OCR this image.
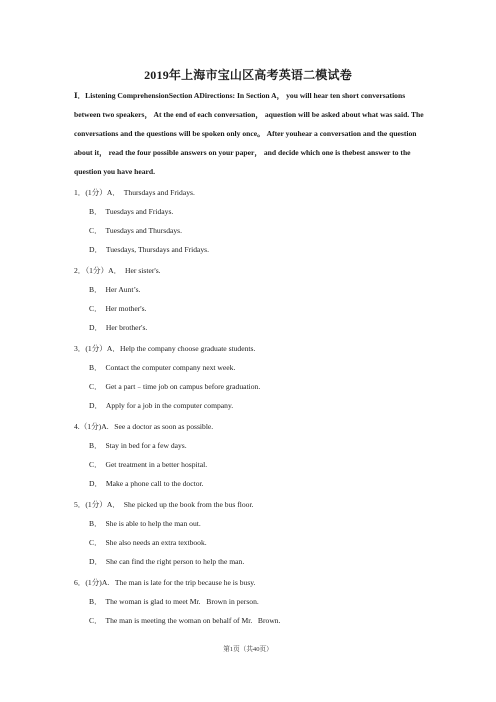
2019年上海市宝山区高考英语二模试卷
Ⅰ．Listening ComprehensionSection ADirections: In Section A， you will hear ten short conversations between two speakers， At the end of each conversation， aquestion will be asked about what was said. The conversations and the questions will be spoken only once。 After youhear a conversation and the question about it， read the four possible answers on your paper， and decide which one is thebest answer to the question you have heard.
1．(1分）A．  Thursdays and Fridays.
B．  Tuesdays and Fridays.
C．  Tuesdays and Thursdays.
D．  Tuesdays, Thursdays and Fridays.
2．（1分）A．  Her sister's.
B．  Her Aunt’s.
C．  Her mother's.
D．  Her brother's.
3．(1分）A．Help the company choose graduate students.
B．  Contact the computer company next week.
C．  Get a part﹣time job on campus before graduation.
D．  Apply for a job in the computer company.
4.（1分)A.   See a doctor as soon as possible.
B．  Stay in bed for a few days.
C．  Get treatment in a better hospital.
D．  Make a phone call to the doctor.
5．(1分）A．  She picked up the book from the bus floor.
B．  She is able to help the man out.
C．  She also needs an extra textbook.
D．  She can find the right person to help the man.
6．(1分)A.   The man is late for the trip because he is busy.
B．  The woman is glad to meet Mr.   Brown in person.
C．  The man is meeting the woman on behalf of Mr.   Brown.
第1页（共40页）
